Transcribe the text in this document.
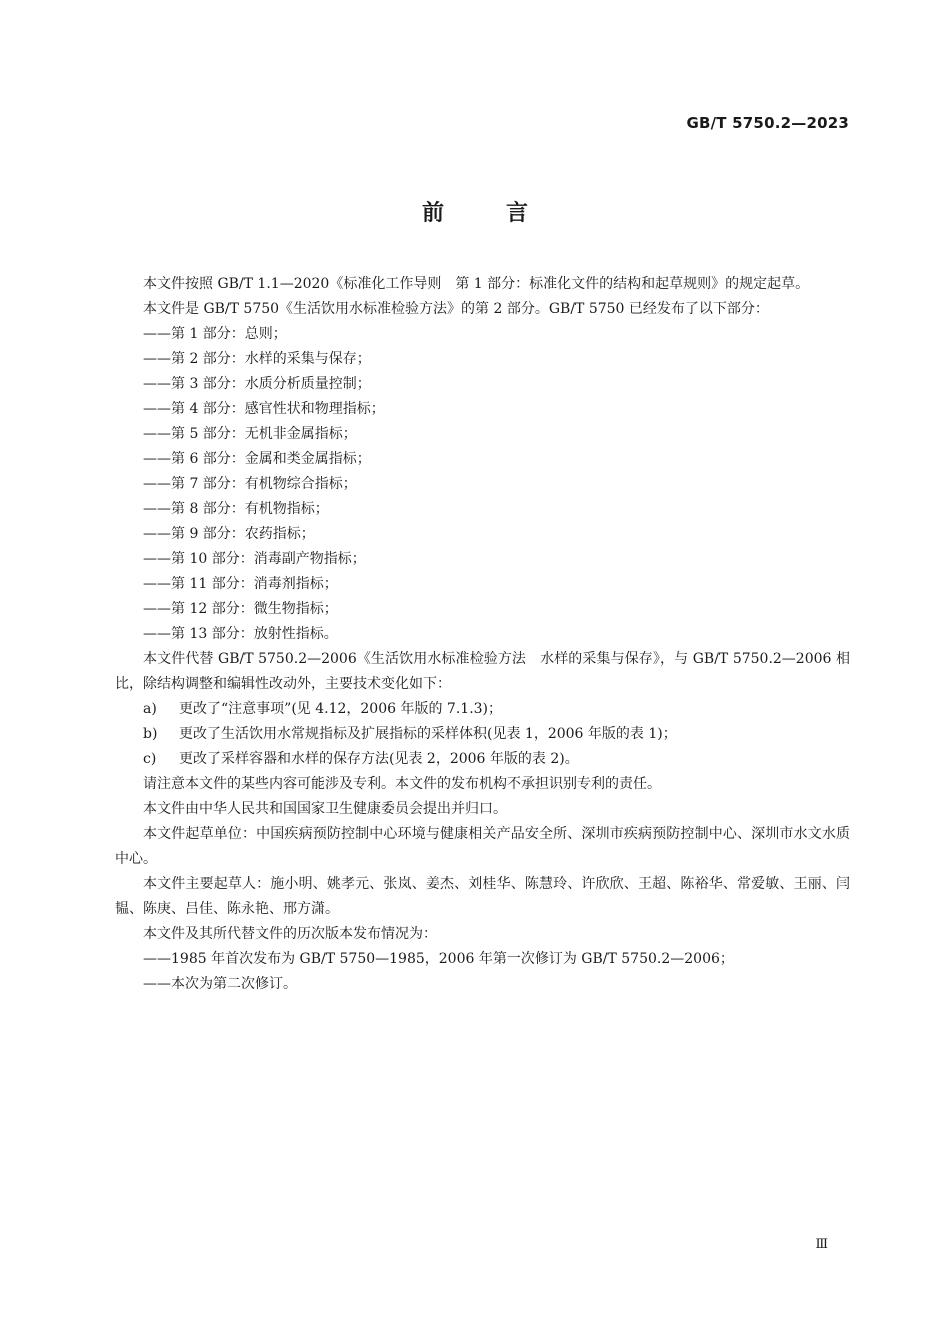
GB/T 5750.2—2023
前言

本文件按照 GB/T 1.1—2020《标准化工作导则　第 1 部分：标准化文件的结构和起草规则》的规定起草。

本文件是 GB/T 5750《生活饮用水标准检验方法》的第 2 部分。GB/T 5750 已经发布了以下部分：

——第 1 部分：总则；

——第 2 部分：水样的采集与保存；

——第 3 部分：水质分析质量控制；

——第 4 部分：感官性状和物理指标；

——第 5 部分：无机非金属指标；

——第 6 部分：金属和类金属指标；

——第 7 部分：有机物综合指标；

——第 8 部分：有机物指标；

——第 9 部分：农药指标；

——第 10 部分：消毒副产物指标；

——第 11 部分：消毒剂指标；

——第 12 部分：微生物指标；

——第 13 部分：放射性指标。

本文件代替 GB/T 5750.2—2006《生活饮用水标准检验方法　水样的采集与保存》，与 GB/T 5750.2—2006 相比，除结构调整和编辑性改动外，主要技术变化如下：

a) 更改了“注意事项”(见 4.12，2006 年版的 7.1.3)；

b) 更改了生活饮用水常规指标及扩展指标的采样体积(见表 1，2006 年版的表 1)；

c) 更改了采样容器和水样的保存方法(见表 2，2006 年版的表 2)。

请注意本文件的某些内容可能涉及专利。本文件的发布机构不承担识别专利的责任。

本文件由中华人民共和国国家卫生健康委员会提出并归口。

本文件起草单位：中国疾病预防控制中心环境与健康相关产品安全所、深圳市疾病预防控制中心、深圳市水文水质中心。

本文件主要起草人：施小明、姚孝元、张岚、姜杰、刘桂华、陈慧玲、许欣欣、王超、陈裕华、常爱敏、王丽、闫韫、陈庚、吕佳、陈永艳、邢方潇。

本文件及其所代替文件的历次版本发布情况为：

——1985 年首次发布为 GB/T 5750—1985，2006 年第一次修订为 GB/T 5750.2—2006；

——本次为第二次修订。

Ⅲ
